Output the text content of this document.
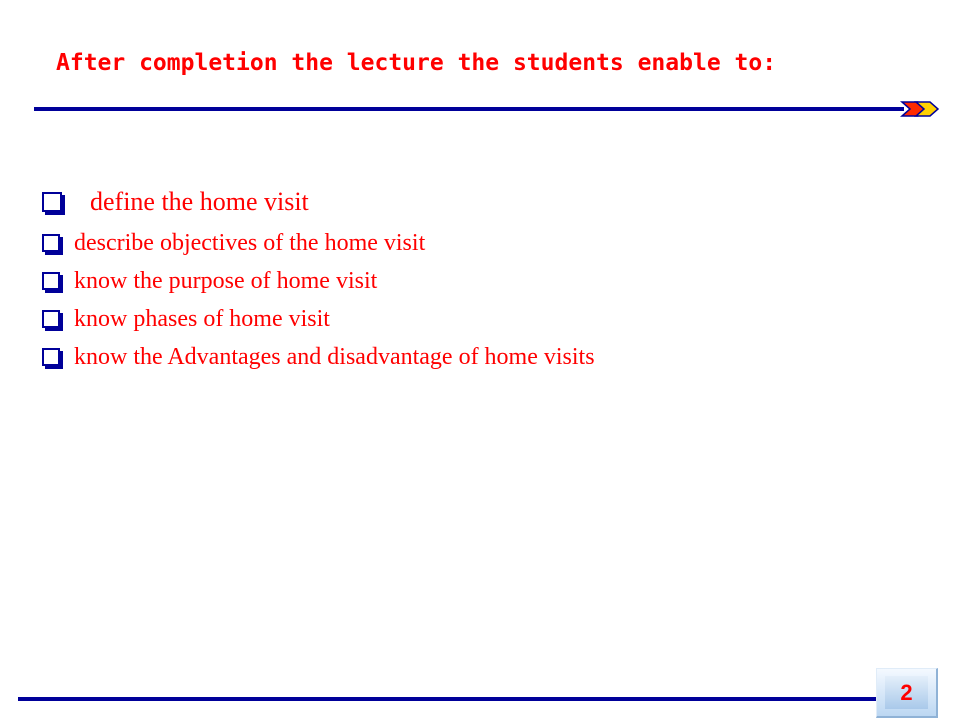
After completion the lecture the students enable to:
define the home visit
describe objectives of the home visit
know the purpose of home visit
know phases of home visit
know the Advantages and disadvantage of home visits
2
